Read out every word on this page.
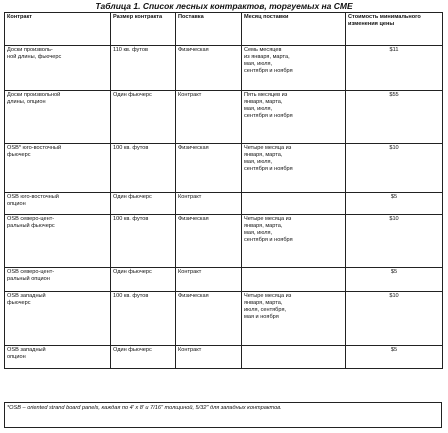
Таблица 1. Список лесных контрактов, торгуемых на CME
Контракт	Размер контракта	Поставка	Месяц поставки	Стоимость минимального изменения цены
Доски произволь-
ной длины, фьючерс	110 кв. футов	Физическая	Семь месяцев
из января, марта,
мая, июля,
сентября и ноября	$11
Доски произвольной
длины, опцион	Один фьючерс	Контракт	Пять месяцев из
января, марта,
мая, июля,
сентября и ноября	$55
OSB* юго-восточный
фьючерс	100 кв. футов	Физическая	Четыре месяца из
января, марта,
мая, июля,
сентября и ноября	$10
OSB юго-восточный
опцион	Один фьючерс	Контракт		$5
OSB северо-цент-
ральный фьючерс	100 кв. футов	Физическая	Четыре месяца из
января, марта,
мая, июля,
сентября и ноября	$10
OSB северо-цент-
ральный опцион	Один фьючерс	Контракт		$5
OSB западный
фьючерс	100 кв. футов	Физическая	Четыре месяца из
января, марта,
июля, сентября,
мая и ноября	$10
OSB западный
опцион	Один фьючерс	Контракт		$5
*OSB – oriented strand board panels, каждая по 4' x 8' и 7/16" толщиной, 5/32" для западных контрактов.
